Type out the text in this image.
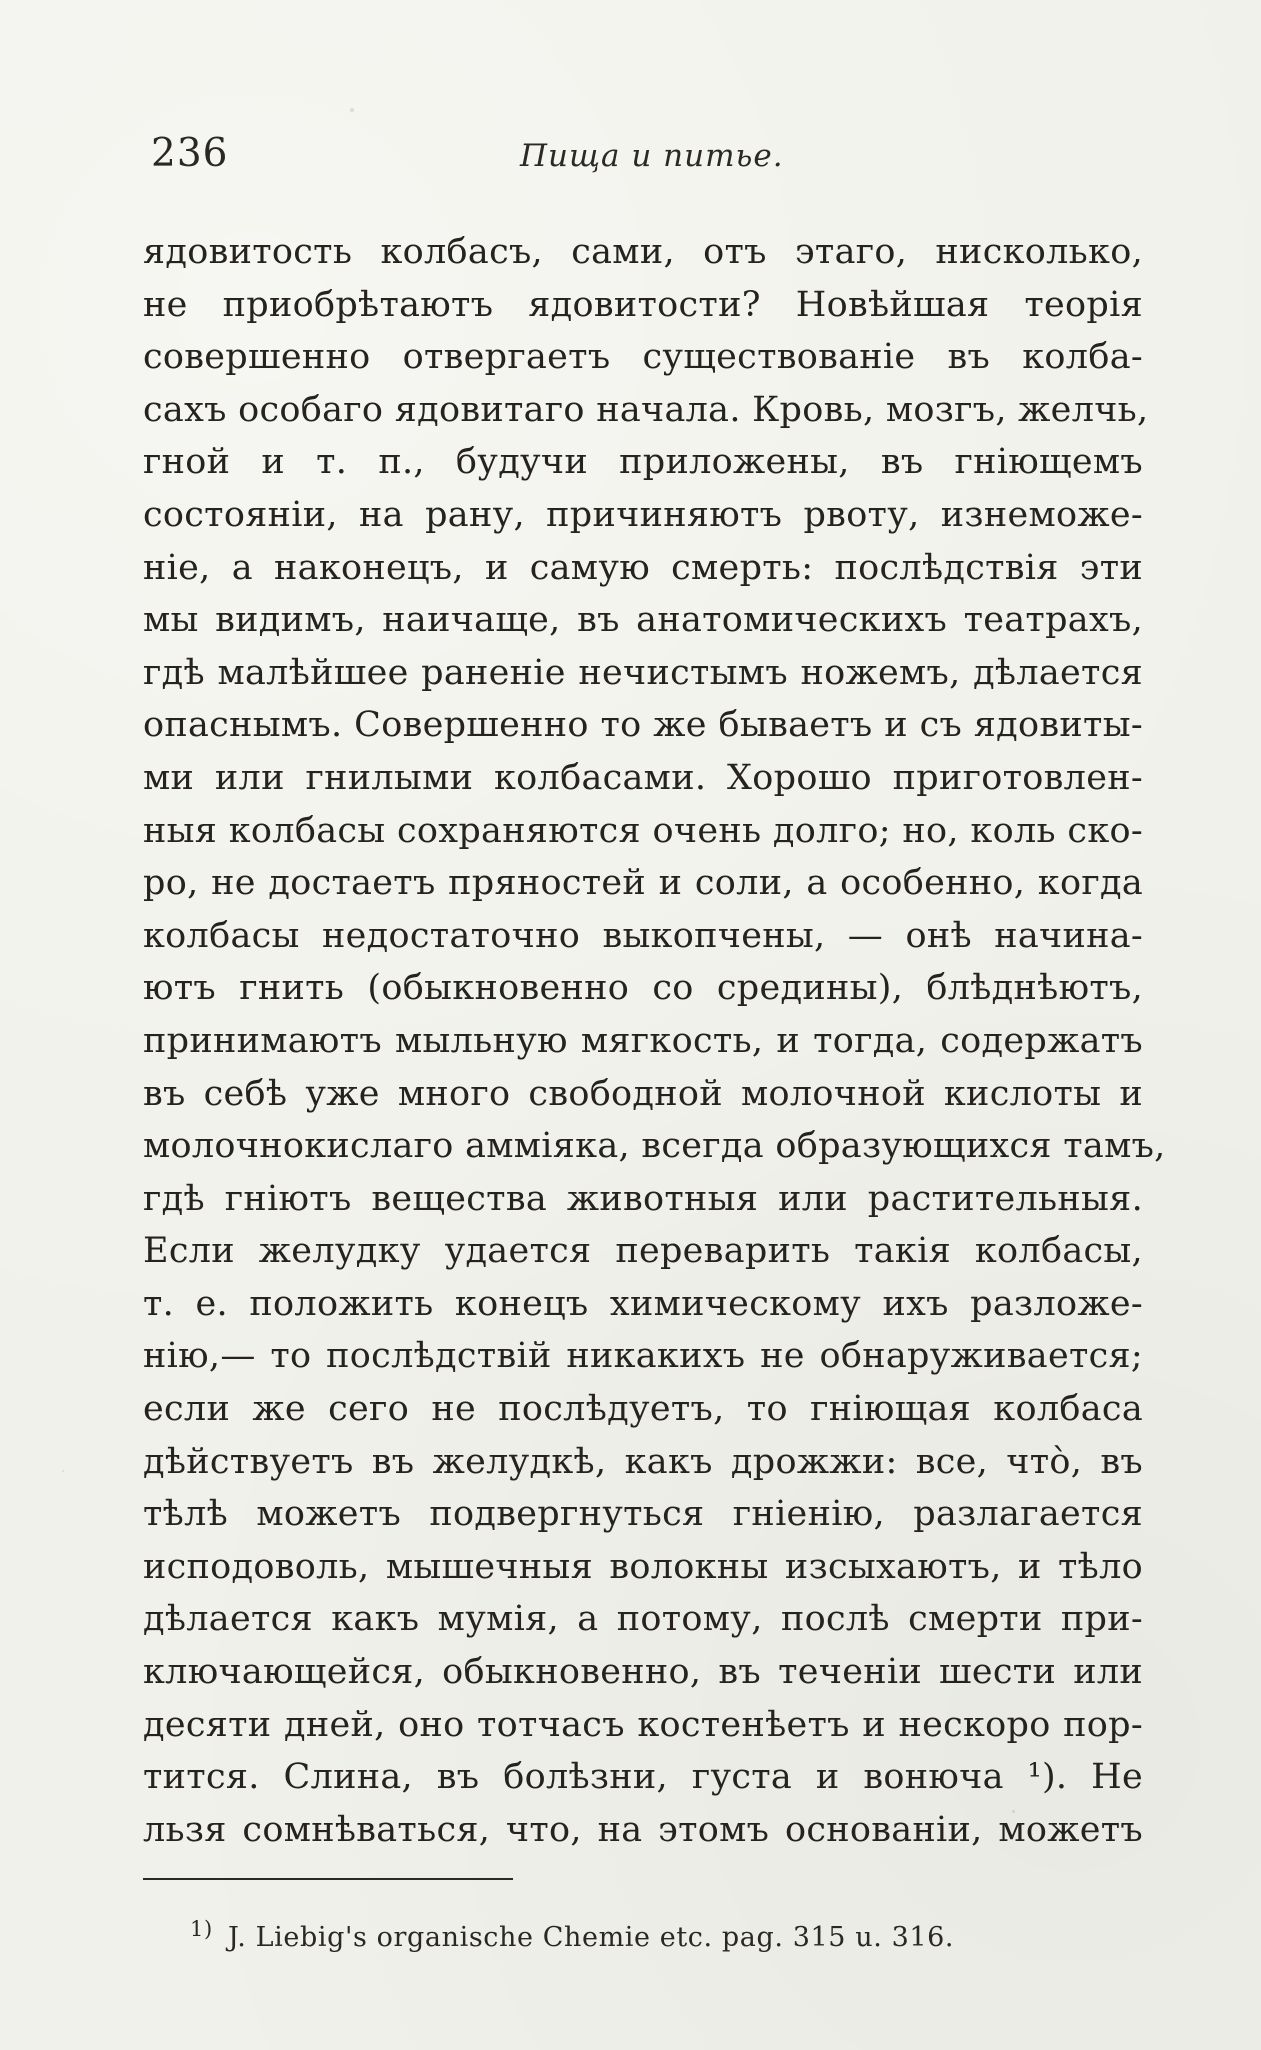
236	Пища и питье.
ядовитость колбасъ, сами, отъ этаго, нисколько,
не приобрѣтаютъ ядовитости? Новѣйшая теорія
совершенно отвергаетъ существованіе въ колба-
сахъ особаго ядовитаго начала. Кровь, мозгъ, желчь,
гной и т. п., будучи приложены, въ гніющемъ
состояніи, на рану, причиняютъ рвоту, изнеможе-
ніе, а наконецъ, и самую смерть: послѣдствія эти
мы видимъ, наичаще, въ анатомическихъ театрахъ,
гдѣ малѣйшее раненіе нечистымъ ножемъ, дѣлается
опаснымъ. Совершенно то же бываетъ и съ ядовиты-
ми или гнилыми колбасами. Хорошо приготовлен-
ныя колбасы сохраняются очень долго; но, коль ско-
ро, не достаетъ пряностей и соли, а особенно, когда
колбасы недостаточно выкопчены, — онѣ начина-
ютъ гнить (обыкновенно со средины), блѣднѣютъ,
принимаютъ мыльную мягкость, и тогда, содержатъ
въ себѣ уже много свободной молочной кислоты и
молочнокислаго аммiяка, всегда образующихся тамъ,
гдѣ гніютъ вещества животныя или растительныя.
Если желудку удается переварить такія колбасы,
т. е. положить конецъ химическому ихъ разложе-
нію,— то послѣдствій никакихъ не обнаруживается;
если же сего не послѣдуетъ, то гніющая колбаса
дѣйствуетъ въ желудкѣ, какъ дрожжи: все, что̀, въ
тѣлѣ можетъ подвергнуться гніенію, разлагается
исподоволь, мышечныя волокны изсыхаютъ, и тѣло
дѣлается какъ мумія, а потому, послѣ смерти при-
ключающейся, обыкновенно, въ теченіи шести или
десяти дней, оно тотчасъ костенѣетъ и нескоро пор-
тится. Слина, въ болѣзни, густа и вонюча ¹). Не
льзя сомнѣваться, что, на этомъ основаніи, можетъ
$^{1)}$ J. Liebig's organische Chemie etc. pag. 315 u. 316.
